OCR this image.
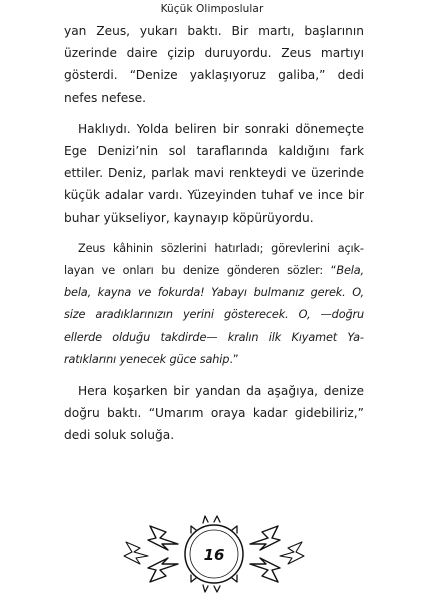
Küçük Olimposlular

yan Zeus, yukarı baktı. Bir martı, başlarının üzerinde daire çizip duruyordu. Zeus martıyı gösterdi. “Denize yaklaşıyoruz galiba,” dedi nefes nefese.

Haklıydı. Yolda beliren bir sonraki dönemeçte Ege Denizi’nin sol taraflarında kaldığını fark ettiler. Deniz, parlak mavi renkteydi ve üzerinde küçük adalar vardı. Yüzeyinden tuhaf ve ince bir buhar yükseliyor, kaynayıp köpürüyordu.

Zeus kâhinin sözlerini hatırladı; görevlerini açıklayan ve onları bu denize gönderen sözler: “Bela, bela, kayna ve fokurda! Yabayı bulmanız gerek. O, size aradıklarınızın yerini gösterecek. O, —doğru ellerde olduğu takdirde— kralın ilk Kıyamet Yaratıklarını yenecek güce sahip.”

Hera koşarken bir yandan da aşağıya, denize doğru baktı. “Umarım oraya kadar gidebiliriz,” dedi soluk soluğa.

16
